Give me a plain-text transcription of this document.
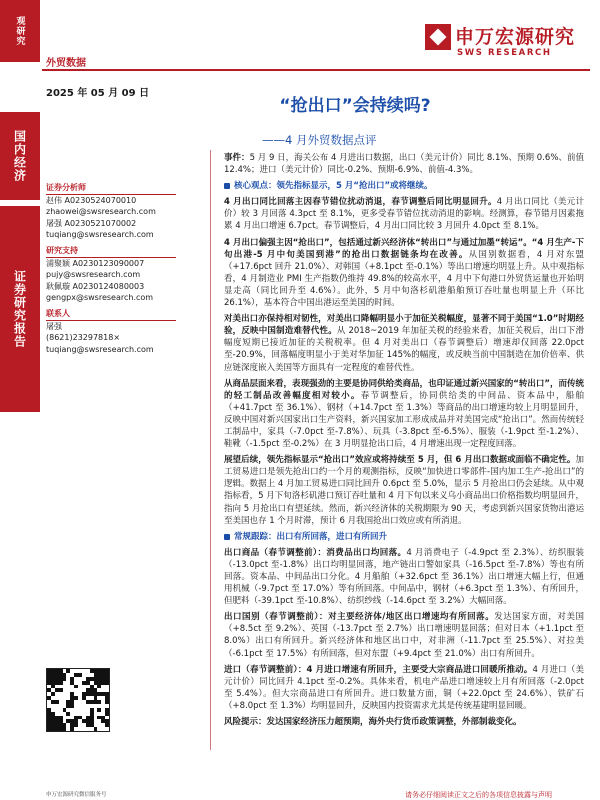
观研究
国内经济
证券研究报告
外贸数据
申万宏源研究
SWS RESEARCH
2025 年 05 月 09 日
“抢出口”会持续吗?
——4 月外贸数据点评
证券分析师
赵伟 A0230524070010
zhaowei@swsresearch.com
屠强 A0230521070002
tuqiang@swsresearch.com
研究支持
浦聚颖 A0230123090007
pujy@swsresearch.com
耿佩璇 A0230124080003
gengpx@swsresearch.com
联系人
屠强
(8621)23297818×
tuqiang@swsresearch.com
申万宏源研究微信服务号

事件：5 月 9 日，海关公布 4 月进出口数据，出口（美元计价）同比 8.1%、预期 0.6%、前值 12.4%；进口（美元计价）同比-0.2%、预期-6.9%、前值-4.3%。

核心观点：领先指标显示，5 月“抢出口”或将继续。

4 月出口同比回落主因春节错位扰动消退，春节调整后同比明显回升。4 月出口同比（美元计价）较 3 月回落 4.3pct 至 8.1%，更多受春节错位扰动消退的影响。经测算，春节错月因素拖累 4 月出口增速 6.7pct。春节调整后，4 月出口同比较 3 月回升 4.0pct 至 8.1%。

4 月出口偏强主因“抢出口”，包括通过新兴经济体“转出口”与通过加墨“转运”。“4 月生产-下旬出港-5 月中旬美国到港”的抢出口数据链条均在改善。从国别数据看，4 月对东盟（+17.6pct 回升 21.0%）、对韩国（+8.1pct 至-0.1%）等出口增速均明显上升。从中观指标看，4 月制造业 PMI 生产指数仍维持 49.8%的较高水平，4 月中下旬港口外贸货运量也开始明显走高（同比回升至 4.6%）。此外，5 月中旬洛杉矶港船舶预订吞吐量也明显上升（环比 26.1%），基本符合中国出港运至美国的时间。

对美出口亦保持相对韧性，对美出口降幅明显小于加征关税幅度，显著不同于美国“1.0”时期经验，反映中国制造难替代性。从 2018~2019 年加征关税的经验来看，加征关税后，出口下滑幅度短期已接近加征的关税税率。但 4 月对美出口（春节调整后）增速却仅回落 22.0pct 至-20.9%，回落幅度明显小于美对华加征 145%的幅度，或反映当前中国制造在加价倍率、供应链深度嵌入美国等方面具有一定程度的难替代性。

从商品层面来看，表现强劲的主要是协同供给类商品，也印证通过新兴国家的“转出口”，而传统的轻工制品改善幅度相对较小。春节调整后，协同供给类的中间品、资本品中，船舶（+41.7pct 至 36.1%）、钢材（+14.7pct 至 1.3%）等商品的出口增速均较上月明显回升，反映中国对新兴国家出口生产资料，新兴国家加工形成成品并对美国完成“抢出口”。然而传统轻工制品中，家具（-7.0pct 至-7.8%）、玩具（-3.8pct 至-6.5%）、服装（-1.9pct 至-1.2%）、鞋靴（-1.5pct 至-0.2%）在 3 月明显抢出口后，4 月增速出现一定程度回落。

展望后续，领先指标显示“抢出口”效应或将持续至 5 月，但 6 月出口数据或面临不确定性。加工贸易进口是领先抢出口约一个月的观测指标，反映“加快进口零部件-国内加工生产-抢出口”的逻辑。数据上 4 月加工贸易进口同比回升 0.6pct 至 5.0%，显示 5 月抢出口仍会延续。从中观指标看，5 月下旬洛杉矶港口预订吞吐量和 4 月下旬以来义乌小商品出口价格指数均明显回升，指向 5 月抢出口有望延续。然而，新兴经济体的关税期限为 90 天，考虑到新兴国家货物出港运至美国也存 1 个月时滞，预计 6 月我国抢出口效应或有所消退。

常规跟踪：出口有所回落，进口有所回升

出口商品（春节调整前）：消费品出口均回落。4 月消费电子（-4.9pct 至 2.3%）、纺织服装（-13.0pct 至-1.8%）出口均明显回落，地产链出口警如家具（-16.5pct 至-7.8%）等也有所回落。资本品、中间品出口分化。4 月船舶（+32.6pct 至 36.1%）出口增速大幅上行，但通用机械（-9.7pct 至 17.0%）等有所回落。中间品中，钢材（+6.3pct 至 1.3%）、有所回升，但肥料（-39.1pct 至-10.8%）、纺织纱线（-14.6pct 至 3.2%）大幅回落。

出口国别（春节调整前）：对主要经济体/地区出口增速均有所回落。发达国家方面，对美国（+8.5ct 至 9.2%）、英国（-13.7pct 至 2.7%）出口增速明显回落；但对日本（+1.1pct 至 8.0%）出口有所回升。新兴经济体和地区出口中，对非洲（-11.7pct 至 25.5%）、对拉美（-6.1pct 至 17.5%）有所回落，但对东盟（+9.4pct 至 21.0%）出口有所回升。

进口（春节调整前）：4 月进口增速有所回升，主要受大宗商品进口回暖所推动。4 月进口（美元计价）同比回升 4.1pct 至-0.2%。具体来看，机电产品进口增速较上月有所回落（-2.0pct 至 5.4%）。但大宗商品进口有所回升。进口数量方面，铜（+22.0pct 至 24.6%）、铁矿石（+8.0pct 至 1.3%）均明显回升，反映国内投资需求尤其是传统基建明显回暖。

风险提示：发达国家经济压力超预期，海外央行货币政策调整，外部制裁变化。

请务必仔细阅读正文之后的各项信息披露与声明
